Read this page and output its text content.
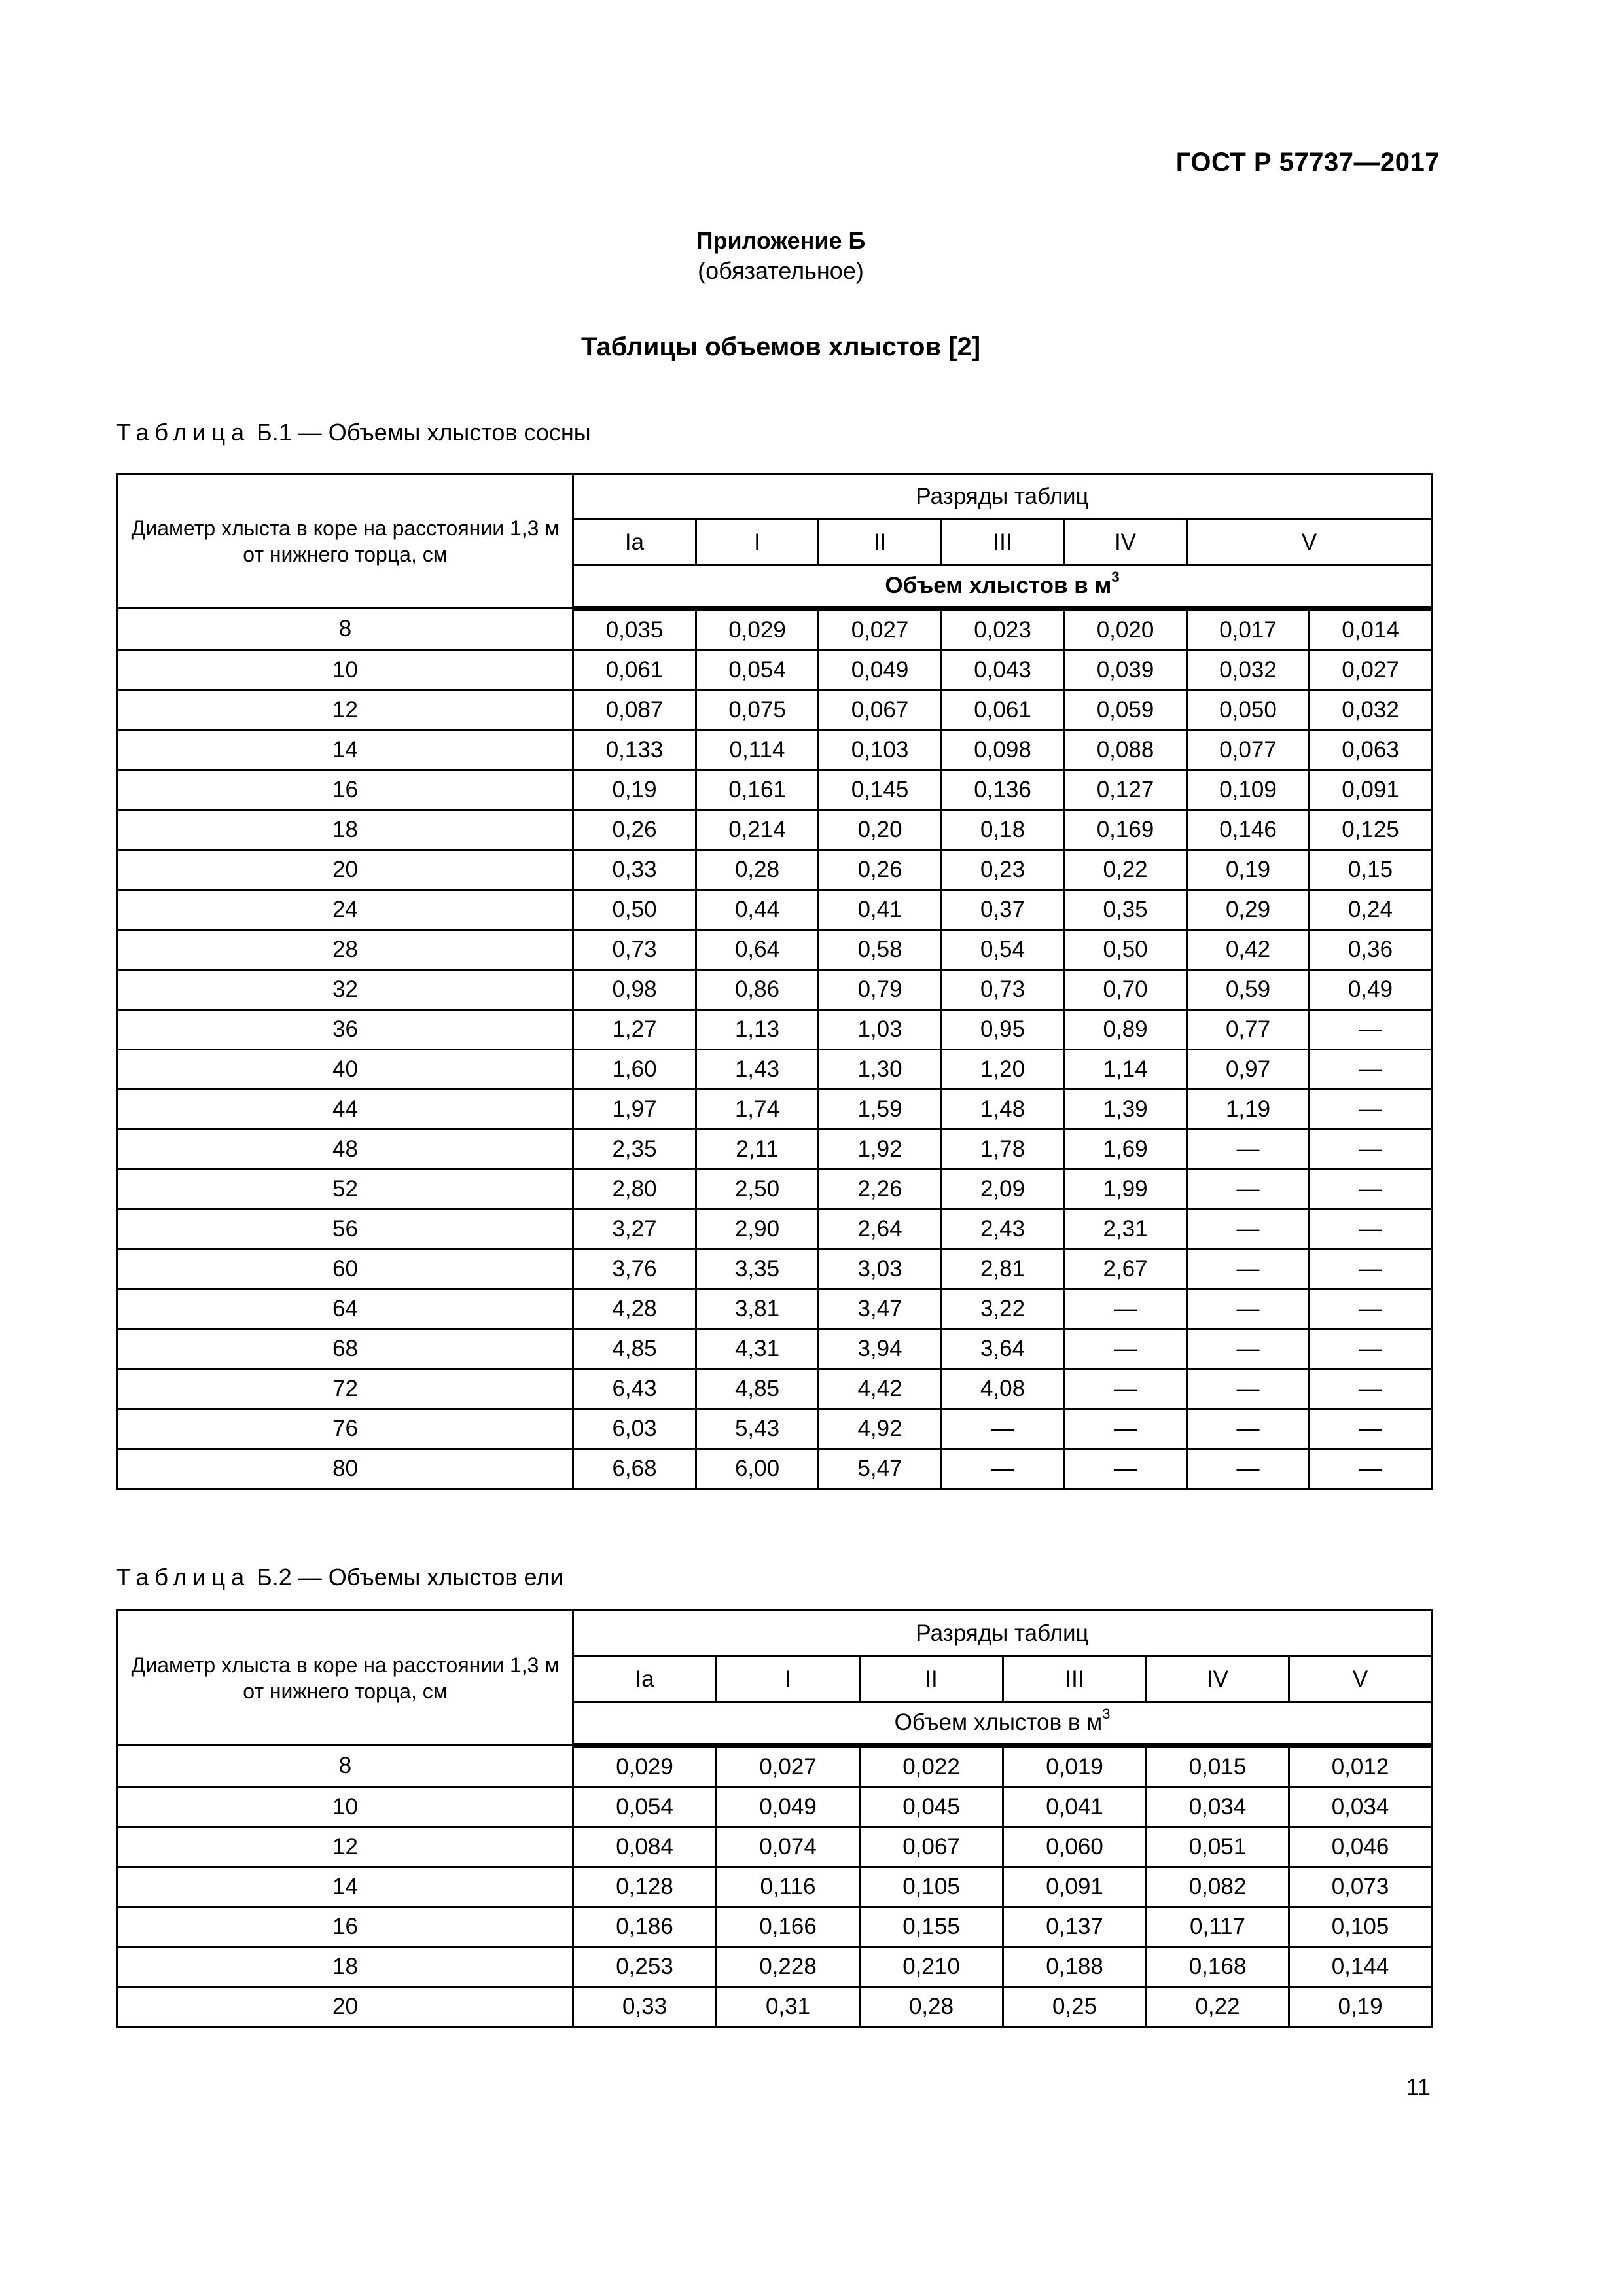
ГОСТ Р 57737—2017
Приложение Б
(обязательное)
Таблицы объемов хлыстов [2]
Таблица Б.1 — Объемы хлыстов сосны
Диаметр хлыста в коре на расстоянии 1,3 м от нижнего торца, см	Разряды таблиц						
	Ia	I	II	III	IV	V	
	Объем хлыстов в $м^3$
8	0,035	0,029	0,027	0,023	0,020	0,017	0,014
10	0,061	0,054	0,049	0,043	0,039	0,032	0,027
12	0,087	0,075	0,067	0,061	0,059	0,050	0,032
14	0,133	0,114	0,103	0,098	0,088	0,077	0,063
16	0,19	0,161	0,145	0,136	0,127	0,109	0,091
18	0,26	0,214	0,20	0,18	0,169	0,146	0,125
20	0,33	0,28	0,26	0,23	0,22	0,19	0,15
24	0,50	0,44	0,41	0,37	0,35	0,29	0,24
28	0,73	0,64	0,58	0,54	0,50	0,42	0,36
32	0,98	0,86	0,79	0,73	0,70	0,59	0,49
36	1,27	1,13	1,03	0,95	0,89	0,77	—
40	1,60	1,43	1,30	1,20	1,14	0,97	—
44	1,97	1,74	1,59	1,48	1,39	1,19	—
48	2,35	2,11	1,92	1,78	1,69	—	—
52	2,80	2,50	2,26	2,09	1,99	—	—
56	3,27	2,90	2,64	2,43	2,31	—	—
60	3,76	3,35	3,03	2,81	2,67	—	—
64	4,28	3,81	3,47	3,22	—	—	—
68	4,85	4,31	3,94	3,64	—	—	—
72	6,43	4,85	4,42	4,08	—	—	—
76	6,03	5,43	4,92	—	—	—	—
80	6,68	6,00	5,47	—	—	—	—
Таблица Б.2 — Объемы хлыстов ели
Диаметр хлыста в коре на расстоянии 1,3 м от нижнего торца, см	Разряды таблиц					
	Ia	I	II	III	IV	V
	Объем хлыстов в $м^3$
8	0,029	0,027	0,022	0,019	0,015	0,012
10	0,054	0,049	0,045	0,041	0,034	0,034
12	0,084	0,074	0,067	0,060	0,051	0,046
14	0,128	0,116	0,105	0,091	0,082	0,073
16	0,186	0,166	0,155	0,137	0,117	0,105
18	0,253	0,228	0,210	0,188	0,168	0,144
20	0,33	0,31	0,28	0,25	0,22	0,19
11
